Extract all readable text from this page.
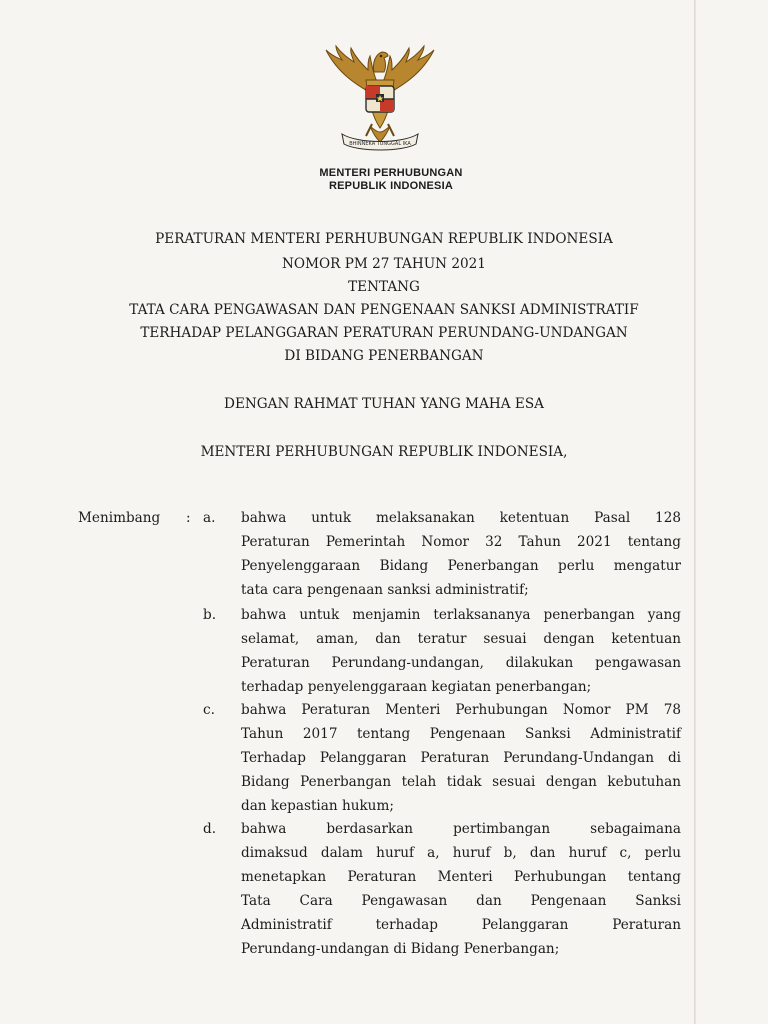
BHINNEKA TUNGGAL IKA
MENTERI PERHUBUNGAN
REPUBLIK INDONESIA
PERATURAN MENTERI PERHUBUNGAN REPUBLIK INDONESIA
NOMOR PM 27 TAHUN 2021
TENTANG
TATA CARA PENGAWASAN DAN PENGENAAN SANKSI ADMINISTRATIF
TERHADAP PELANGGARAN PERATURAN PERUNDANG-UNDANGAN
DI BIDANG PENERBANGAN
DENGAN RAHMAT TUHAN YANG MAHA ESA
MENTERI PERHUBUNGAN REPUBLIK INDONESIA,
Menimbang : a. bahwa untuk melaksanakan ketentuan Pasal 128
Peraturan Pemerintah Nomor 32 Tahun 2021 tentang
Penyelenggaraan Bidang Penerbangan perlu mengatur
tata cara pengenaan sanksi administratif;
b. bahwa untuk menjamin terlaksananya penerbangan yang
selamat, aman, dan teratur sesuai dengan ketentuan
Peraturan Perundang-undangan, dilakukan pengawasan
terhadap penyelenggaraan kegiatan penerbangan;
c. bahwa Peraturan Menteri Perhubungan Nomor PM 78
Tahun 2017 tentang Pengenaan Sanksi Administratif
Terhadap Pelanggaran Peraturan Perundang-Undangan di
Bidang Penerbangan telah tidak sesuai dengan kebutuhan
dan kepastian hukum;
d. bahwa berdasarkan pertimbangan sebagaimana
dimaksud dalam huruf a, huruf b, dan huruf c, perlu
menetapkan Peraturan Menteri Perhubungan tentang
Tata Cara Pengawasan dan Pengenaan Sanksi
Administratif terhadap Pelanggaran Peraturan
Perundang-undangan di Bidang Penerbangan;
